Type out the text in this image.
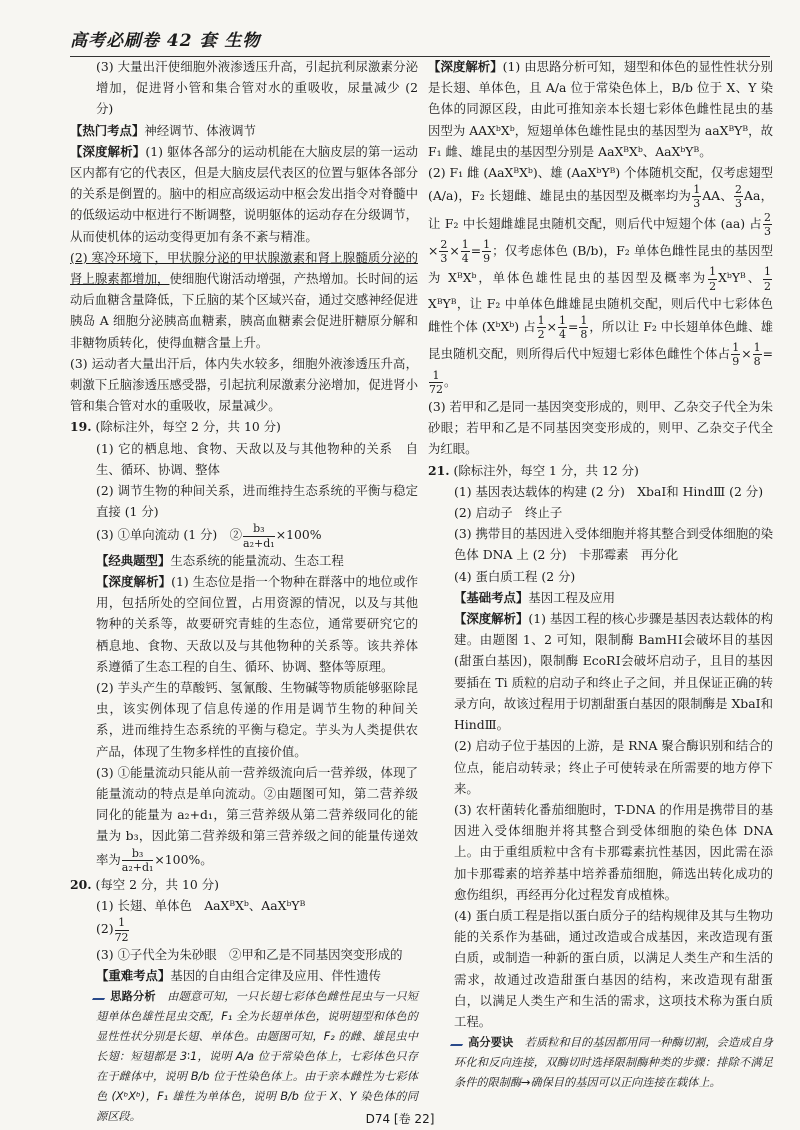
高考必刷卷 42 套 生物

(3) 大量出汗使细胞外液渗透压升高，引起抗利尿激素分泌增加，促进肾小管和集合管对水的重吸收，尿量减少 (2 分)

【热门考点】神经调节、体液调节

【深度解析】(1) 躯体各部分的运动机能在大脑皮层的第一运动区内都有它的代表区，但是大脑皮层代表区的位置与躯体各部分的关系是倒置的。脑中的相应高级运动中枢会发出指令对脊髓中的低级运动中枢进行不断调整，说明躯体的运动存在分级调节，从而使机体的运动变得更加有条不紊与精准。

(2) 寒冷环境下，甲状腺分泌的甲状腺激素和肾上腺髓质分泌的肾上腺素都增加，使细胞代谢活动增强，产热增加。长时间的运动后血糖含量降低，下丘脑的某个区域兴奋，通过交感神经促进胰岛 A 细胞分泌胰高血糖素，胰高血糖素会促进肝糖原分解和非糖物质转化，使得血糖含量上升。

(3) 运动者大量出汗后，体内失水较多，细胞外液渗透压升高，刺激下丘脑渗透压感受器，引起抗利尿激素分泌增加，促进肾小管和集合管对水的重吸收，尿量减少。

19. (除标注外，每空 2 分，共 10 分)

(1) 它的栖息地、食物、天敌以及与其他物种的关系　自生、循环、协调、整体

(2) 调节生物的种间关系，进而维持生态系统的平衡与稳定　直接 (1 分)

(3) ①单向流动 (1 分)　② $\frac{\text{b₃}}{\text{a₂+d₁}} \times 100\%$

【经典题型】生态系统的能量流动、生态工程

【深度解析】(1) 生态位是指一个物种在群落中的地位或作用，包括所处的空间位置，占用资源的情况，以及与其他物种的关系等，故要研究青蛙的生态位，通常要研究它的栖息地、食物、天敌以及与其他物种的关系等。该共养体系遵循了生态工程的自生、循环、协调、整体等原理。

(2) 芋头产生的草酸钙、氢氰酸、生物碱等物质能够驱除昆虫，该实例体现了信息传递的作用是调节生物的种间关系，进而维持生态系统的平衡与稳定。芋头为人类提供农产品，体现了生物多样性的直接价值。

(3) ①能量流动只能从前一营养级流向后一营养级，体现了能量流动的特点是单向流动。②由题图可知，第二营养级同化的能量为 a₂+d₁，第三营养级从第二营养级同化的能量为 b₃，因此第二营养级和第三营养级之间的能量传递效率为 $\frac{\text{b₃}}{\text{a₂+d₁}} \times 100\%$。

20. (每空 2 分，共 10 分)

(1) 长翅、单体色　AaXᴮXᵇ、AaXᵇYᴮ

$(2) \frac{1}{72}$

(3) ①子代全为朱砂眼　②甲和乙是不同基因突变形成的

【重难考点】基因的自由组合定律及应用、伴性遗传

思路分析　 由题意可知，一只长翅七彩体色雌性昆虫与一只短翅单体色雄性昆虫交配，F₁ 全为长翅单体色，说明翅型和体色的显性性状分别是长翅、单体色。由题图可知，F₂ 的雌、雄昆虫中长翅：短翅都是 3∶1，说明 A/a 位于常染色体上，七彩体色只存在于雌体中，说明 B/b 位于性染色体上。由于亲本雌性为七彩体色 (XᵇXᵇ)，F₁ 雄性为单体色，说明 B/b 位于 X、Y 染色体的同源区段。

【深度解析】(1) 由思路分析可知，翅型和体色的显性性状分别是长翅、单体色，且 A/a 位于常染色体上，B/b 位于 X、Y 染色体的同源区段，由此可推知亲本长翅七彩体色雌性昆虫的基因型为 AAXᵇXᵇ，短翅单体色雄性昆虫的基因型为 aaXᴮYᴮ，故 F₁ 雌、雄昆虫的基因型分别是 AaXᴮXᵇ、AaXᵇYᴮ。

(2) F₁ 雌 (AaXᴮXᵇ)、雄 (AaXᵇYᴮ) 个体随机交配，仅考虑翅型 (A/a)，F₂ 长翅雌、雄昆虫的基因型及概率均为 $\frac{1}{3}$ AA、 $\frac{2}{3}$ Aa，让 F₂ 中长翅雌雄昆虫随机交配，则后代中短翅个体 (aa) 占 $\frac{2}{3}$
× $\frac{2}{3} \times \frac{1}{4} = \frac{1}{9}$ ；仅考虑体色 (B/b)，F₂ 单体色雌性昆虫的基因型为 XᴮXᵇ，单体色雄性昆虫的基因型及概率为 $\frac{1}{2}$ XᵇYᴮ、 $\frac{1}{2}$
XᴮYᴮ，让 F₂ 中单体色雌雄昆虫随机交配，则后代中七彩体色雌性个体 (XᵇXᵇ) 占 $\frac{1}{2} \times \frac{1}{4} = \frac{1}{8}$ ，所以让 F₂ 中长翅单体色雌、雄昆虫随机交配，则所得后代中短翅七彩体色雌性个体占 $\frac{1}{9} \times \frac{1}{8}$ =
$\frac{1}{72}$ 。

(3) 若甲和乙是同一基因突变形成的，则甲、乙杂交子代全为朱砂眼；若甲和乙是不同基因突变形成的，则甲、乙杂交子代全为红眼。

21. (除标注外，每空 1 分，共 12 分)

(1) 基因表达载体的构建 (2 分)　XbaⅠ和 HindⅢ (2 分)

(2) 启动子　终止子

(3) 携带目的基因进入受体细胞并将其整合到受体细胞的染色体 DNA 上 (2 分)　卡那霉素　再分化

(4) 蛋白质工程 (2 分)

【基础考点】基因工程及应用

【深度解析】(1) 基因工程的核心步骤是基因表达载体的构建。由题图 1、2 可知，限制酶 BamHⅠ会破坏目的基因 (甜蛋白基因)，限制酶 EcoRⅠ会破坏启动子，且目的基因要插在 Ti 质粒的启动子和终止子之间，并且保证正确的转录方向，故该过程用于切割甜蛋白基因的限制酶是 XbaⅠ和 HindⅢ。

(2) 启动子位于基因的上游，是 RNA 聚合酶识别和结合的位点，能启动转录；终止子可使转录在所需要的地方停下来。

(3) 农杆菌转化番茄细胞时，T-DNA 的作用是携带目的基因进入受体细胞并将其整合到受体细胞的染色体 DNA 上。由于重组质粒中含有卡那霉素抗性基因，因此需在添加卡那霉素的培养基中培养番茄细胞，筛选出转化成功的愈伤组织，再经再分化过程发育成植株。

(4) 蛋白质工程是指以蛋白质分子的结构规律及其与生物功能的关系作为基础，通过改造或合成基因，来改造现有蛋白质，或制造一种新的蛋白质，以满足人类生产和生活的需求，故通过改造甜蛋白基因的结构，来改造现有甜蛋白，以满足人类生产和生活的需求，这项技术称为蛋白质工程。

高分要诀　 若质粒和目的基因都用同一种酶切割，会造成自身环化和反向连接，双酶切时选择限制酶种类的步骤：排除不满足条件的限制酶→确保目的基因可以正向连接在载体上。

D74 [卷 22]
